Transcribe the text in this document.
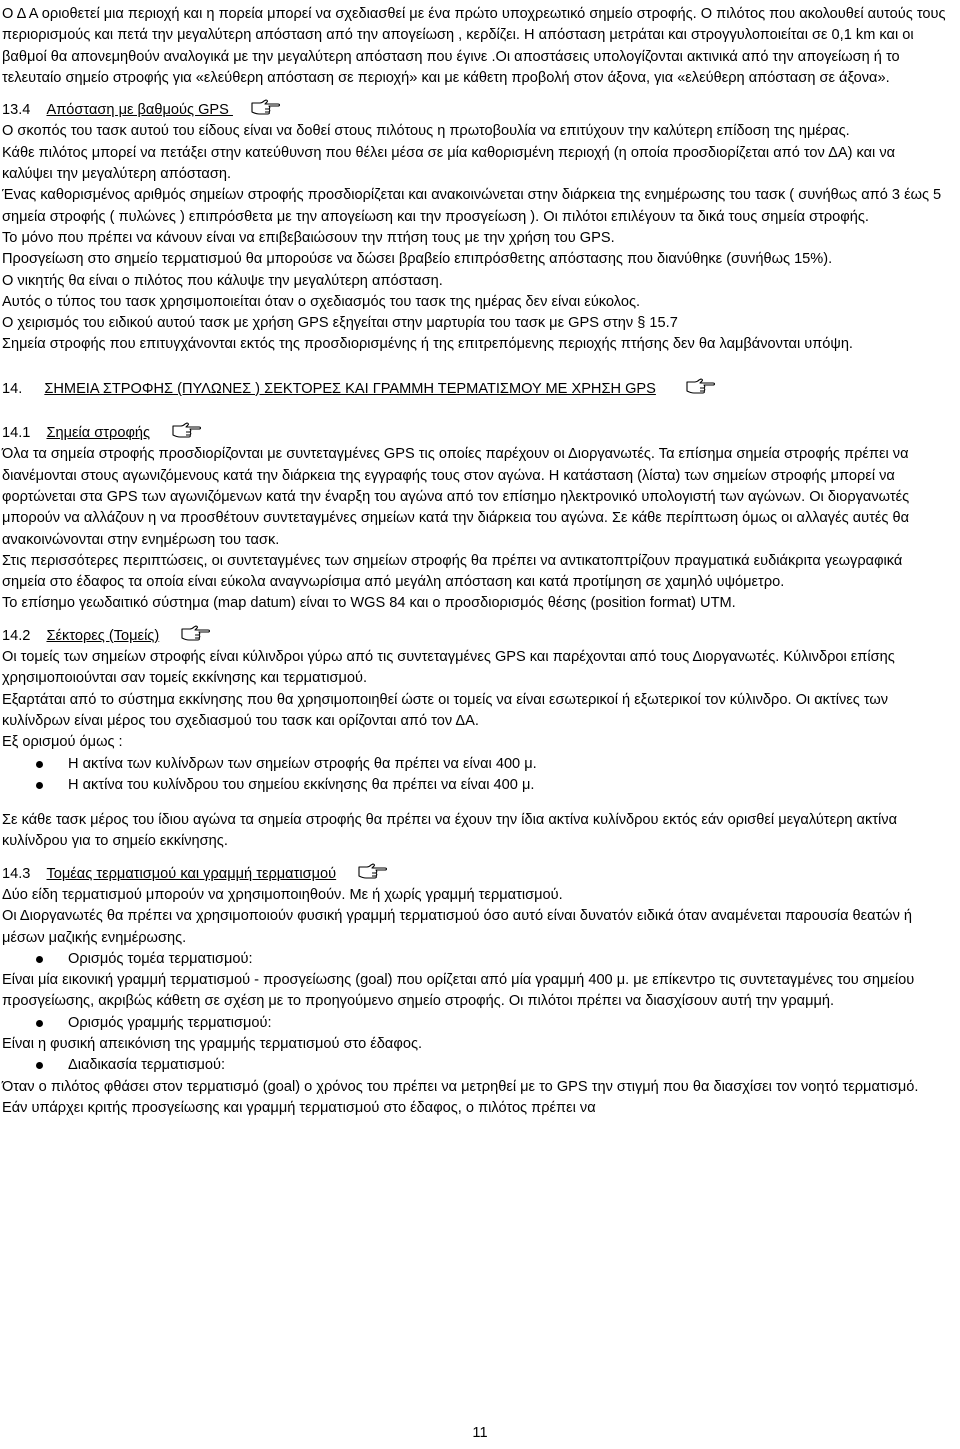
Ο Δ Α οριοθετεί μια περιοχή και η πορεία μπορεί να σχεδιασθεί με ένα πρώτο υποχρεωτικό σημείο στροφής. Ο πιλότος που ακολουθεί αυτούς τους περιορισμούς και πετά την μεγαλύτερη απόσταση από την απογείωση , κερδίζει. Η απόσταση μετράται και στρογγυλοποιείται σε 0,1 km και οι βαθμοί θα απονεμηθούν αναλογικά με την μεγαλύτερη απόσταση που έγινε .Οι αποστάσεις υπολογίζονται ακτινικά από την απογείωση ή το τελευταίο σημείο στροφής για «ελεύθερη απόσταση σε περιοχή» και με κάθετη προβολή στον άξονα, για «ελεύθερη απόσταση σε άξονα».
13.4 Απόσταση με βαθμούς GPS
Ο σκοπός του τασκ αυτού του είδους είναι να δοθεί στους πιλότους η πρωτοβουλία να επιτύχουν την καλύτερη επίδοση της ημέρας.
Κάθε πιλότος μπορεί να πετάξει στην κατεύθυνση που θέλει μέσα σε μία καθορισμένη περιοχή (η οποία προσδιορίζεται από τον ΔΑ) και να καλύψει την μεγαλύτερη απόσταση.
Ένας καθορισμένος αριθμός σημείων στροφής προσδιορίζεται και ανακοινώνεται στην διάρκεια της ενημέρωσης του τασκ ( συνήθως από 3 έως 5 σημεία στροφής ( πυλώνες ) επιπρόσθετα με την απογείωση και την προσγείωση ). Οι πιλότοι επιλέγουν τα δικά τους σημεία στροφής.
Το μόνο που πρέπει να κάνουν είναι να επιβεβαιώσουν την πτήση τους με την χρήση του GPS.
Προσγείωση στο σημείο τερματισμού θα μπορούσε να δώσει βραβείο επιπρόσθετης απόστασης που διανύθηκε (συνήθως 15%).
Ο νικητής θα είναι ο πιλότος που κάλυψε την μεγαλύτερη απόσταση.
Αυτός ο τύπος του τασκ χρησιμοποιείται όταν ο σχεδιασμός του τασκ της ημέρας δεν είναι εύκολος.
Ο χειρισμός του ειδικού αυτού τασκ με χρήση GPS εξηγείται στην μαρτυρία του τασκ με GPS στην § 15.7
Σημεία στροφής που επιτυγχάνονται εκτός της προσδιορισμένης ή της επιτρεπόμενης περιοχής πτήσης δεν θα λαμβάνονται υπόψη.
14. ΣΗΜΕΙΑ ΣΤΡΟΦΗΣ (ΠΥΛΩΝΕΣ ) ΣΕΚΤΟΡΕΣ ΚΑΙ ΓΡΑΜΜΗ ΤΕΡΜΑΤΙΣΜΟΥ ΜΕ ΧΡΗΣΗ GPS
14.1 Σημεία στροφής
Όλα τα σημεία στροφής προσδιορίζονται με συντεταγμένες GPS τις οποίες παρέχουν οι Διοργανωτές. Τα επίσημα σημεία στροφής πρέπει να διανέμονται στους αγωνιζόμενους κατά την διάρκεια της εγγραφής τους στον αγώνα. Η κατάσταση (λίστα) των σημείων στροφής μπορεί να φορτώνεται στα GPS των αγωνιζόμενων κατά την έναρξη του αγώνα από τον επίσημο ηλεκτρονικό υπολογιστή των αγώνων. Οι διοργανωτές μπορούν να αλλάζουν η να προσθέτουν συντεταγμένες σημείων κατά την διάρκεια του αγώνα. Σε κάθε περίπτωση όμως οι αλλαγές αυτές θα ανακοινώνονται στην ενημέρωση του τασκ.
Στις περισσότερες περιπτώσεις, οι συντεταγμένες των σημείων στροφής θα πρέπει να αντικατοπτρίζουν πραγματικά ευδιάκριτα γεωγραφικά σημεία στο έδαφος τα οποία είναι εύκολα αναγνωρίσιμα από μεγάλη απόσταση και κατά προτίμηση σε χαμηλό υψόμετρο.
Το επίσημο γεωδαιτικό σύστημα (map datum) είναι το WGS 84 και ο προσδιορισμός θέσης (position format) UTM.
14.2 Σέκτορες (Τομείς)
Οι τομείς των σημείων στροφής είναι κύλινδροι γύρω από τις συντεταγμένες GPS και παρέχονται από τους Διοργανωτές. Κύλινδροι επίσης χρησιμοποιούνται σαν τομείς εκκίνησης και τερματισμού.
Εξαρτάται από το σύστημα εκκίνησης που θα χρησιμοποιηθεί ώστε οι τομείς να είναι εσωτερικοί ή εξωτερικοί τον κύλινδρο. Οι ακτίνες των κυλίνδρων είναι μέρος του σχεδιασμού του τασκ και ορίζονται από τον ΔΑ.
Εξ ορισμού όμως :
Η ακτίνα των κυλίνδρων των σημείων στροφής θα πρέπει να είναι 400 μ.
Η ακτίνα του κυλίνδρου του σημείου εκκίνησης θα πρέπει να είναι 400 μ.
Σε κάθε τασκ μέρος του ίδιου αγώνα τα σημεία στροφής θα πρέπει να έχουν την ίδια ακτίνα κυλίνδρου εκτός εάν ορισθεί μεγαλύτερη ακτίνα κυλίνδρου για το σημείο εκκίνησης.
14.3 Τομέας τερματισμού και γραμμή τερματισμού
Δύο είδη τερματισμού μπορούν να χρησιμοποιηθούν. Με ή χωρίς γραμμή τερματισμού.
Οι Διοργανωτές θα πρέπει να χρησιμοποιούν φυσική γραμμή τερματισμού όσο αυτό είναι δυνατόν ειδικά όταν αναμένεται παρουσία θεατών ή μέσων μαζικής ενημέρωσης.
Ορισμός τομέα τερματισμού:
Είναι μία εικονική γραμμή τερματισμού - προσγείωσης (goal) που ορίζεται από μία γραμμή 400 μ. με επίκεντρο τις συντεταγμένες του σημείου προσγείωσης, ακριβώς κάθετη σε σχέση με το προηγούμενο σημείο στροφής. Οι πιλότοι πρέπει να διασχίσουν αυτή την γραμμή.
Ορισμός γραμμής τερματισμού:
Είναι η φυσική απεικόνιση της γραμμής τερματισμού στο έδαφος.
Διαδικασία τερματισμού:
Όταν ο πιλότος φθάσει στον τερματισμό (goal) ο χρόνος του πρέπει να μετρηθεί με το GPS την στιγμή που θα διασχίσει τον νοητό τερματισμό. Εάν υπάρχει κριτής προσγείωσης και γραμμή τερματισμού στο έδαφος, ο πιλότος πρέπει να
11
